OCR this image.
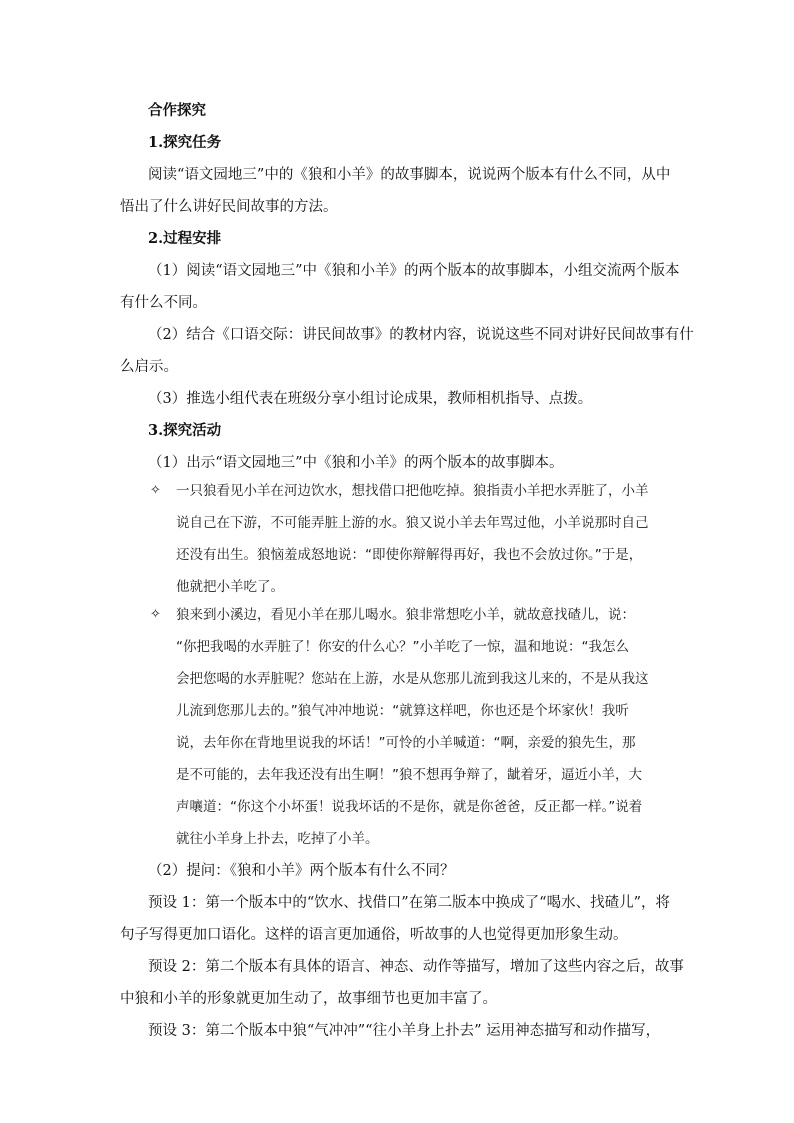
合作探究
1.探究任务
阅读“语文园地三”中的《狼和小羊》的故事脚本，说说两个版本有什么不同，从中
悟出了什么讲好民间故事的方法。
2.过程安排
（1）阅读“语文园地三”中《狼和小羊》的两个版本的故事脚本，小组交流两个版本
有什么不同。
（2）结合《口语交际：讲民间故事》的教材内容，说说这些不同对讲好民间故事有什
么启示。
（3）推选小组代表在班级分享小组讨论成果，教师相机指导、点拨。
3.探究活动
（1）出示“语文园地三”中《狼和小羊》的两个版本的故事脚本。
✧ 一只狼看见小羊在河边饮水，想找借口把他吃掉。狼指责小羊把水弄脏了，小羊
说自己在下游，不可能弄脏上游的水。狼又说小羊去年骂过他，小羊说那时自己
还没有出生。狼恼羞成怒地说：“即使你辩解得再好，我也不会放过你。”于是，
他就把小羊吃了。
✧ 狼来到小溪边，看见小羊在那儿喝水。狼非常想吃小羊，就故意找碴儿，说：
“你把我喝的水弄脏了！你安的什么心？”小羊吃了一惊，温和地说：“我怎么
会把您喝的水弄脏呢？您站在上游，水是从您那儿流到我这儿来的，不是从我这
儿流到您那儿去的。”狼气冲冲地说：“就算这样吧，你也还是个坏家伙！我听
说，去年你在背地里说我的坏话！”可怜的小羊喊道：“啊，亲爱的狼先生，那
是不可能的，去年我还没有出生啊！”狼不想再争辩了，龇着牙，逼近小羊，大
声嚷道：“你这个小坏蛋！说我坏话的不是你，就是你爸爸，反正都一样。”说着
就往小羊身上扑去，吃掉了小羊。
（2）提问：《狼和小羊》两个版本有什么不同？
预设 1：第一个版本中的“饮水、找借口”在第二版本中换成了“喝水、找碴儿”，将
句子写得更加口语化。这样的语言更加通俗，听故事的人也觉得更加形象生动。
预设 2：第二个版本有具体的语言、神态、动作等描写，增加了这些内容之后，故事
中狼和小羊的形象就更加生动了，故事细节也更加丰富了。
预设 3：第二个版本中狼“气冲冲”“往小羊身上扑去” 运用神态描写和动作描写，
